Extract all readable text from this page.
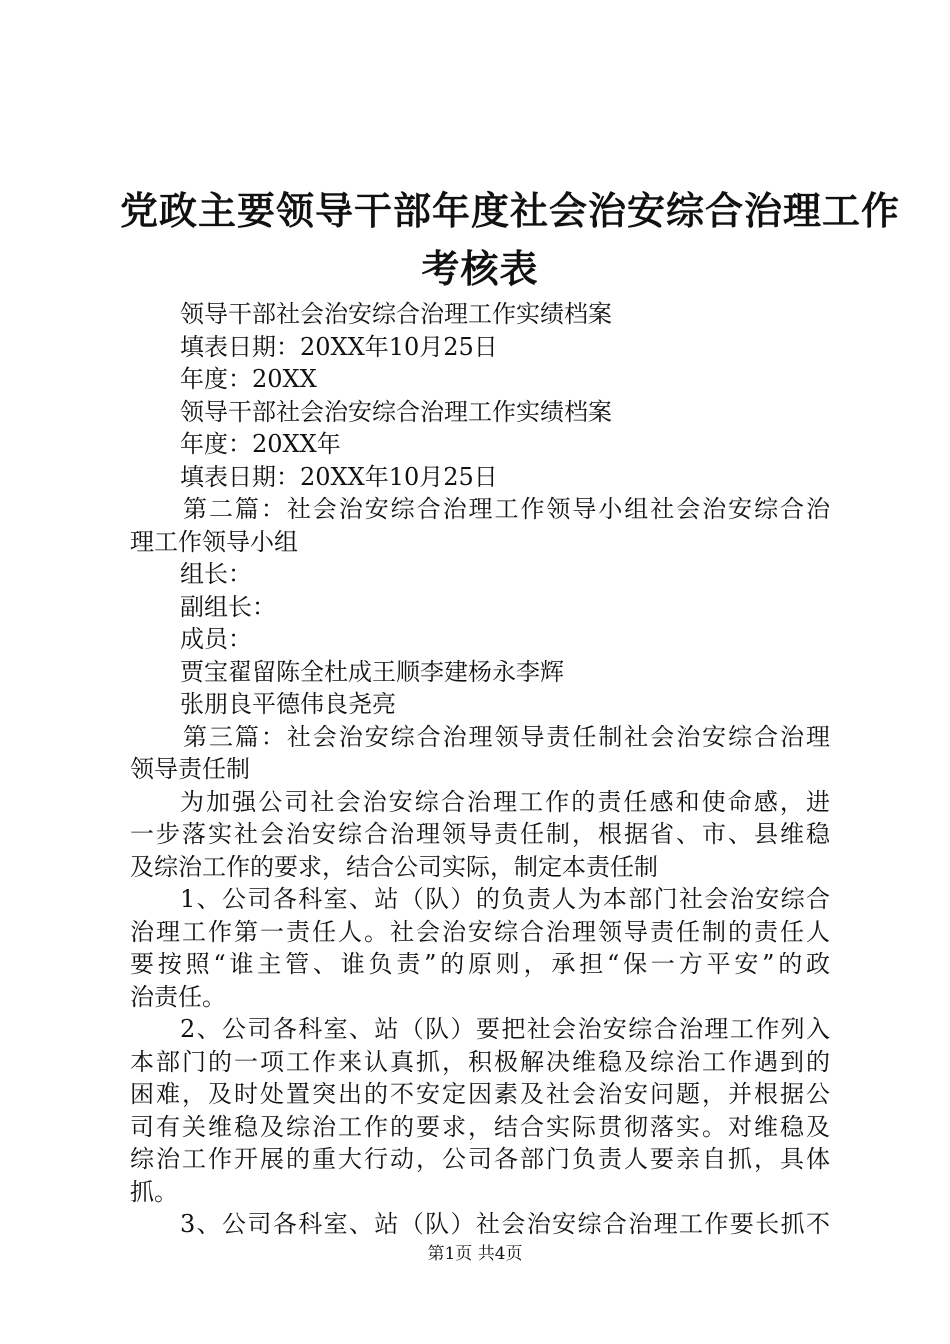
党政主要领导干部年度社会治安综合治理工作
考核表
领导干部社会治安综合治理工作实绩档案
填表日期：20XX年10月25日
年度：20XX
领导干部社会治安综合治理工作实绩档案
年度：20XX年
填表日期：20XX年10月25日
第二篇：社会治安综合治理工作领导小组社会治安综合治
理工作领导小组
组长：
副组长：
成员：
贾宝翟留陈全杜成王顺李建杨永李辉
张朋良平德伟良尧亮
第三篇：社会治安综合治理领导责任制社会治安综合治理
领导责任制
为加强公司社会治安综合治理工作的责任感和使命感，进
一步落实社会治安综合治理领导责任制，根据省、市、县维稳
及综治工作的要求，结合公司实际，制定本责任制
1、公司各科室、站（队）的负责人为本部门社会治安综合
治理工作第一责任人。社会治安综合治理领导责任制的责任人
要按照“谁主管、谁负责”的原则，承担“保一方平安”的政
治责任。
2、公司各科室、站（队）要把社会治安综合治理工作列入
本部门的一项工作来认真抓，积极解决维稳及综治工作遇到的
困难，及时处置突出的不安定因素及社会治安问题，并根据公
司有关维稳及综治工作的要求，结合实际贯彻落实。对维稳及
综治工作开展的重大行动，公司各部门负责人要亲自抓，具体
抓。
3、公司各科室、站（队）社会治安综合治理工作要长抓不
第1页 共4页
